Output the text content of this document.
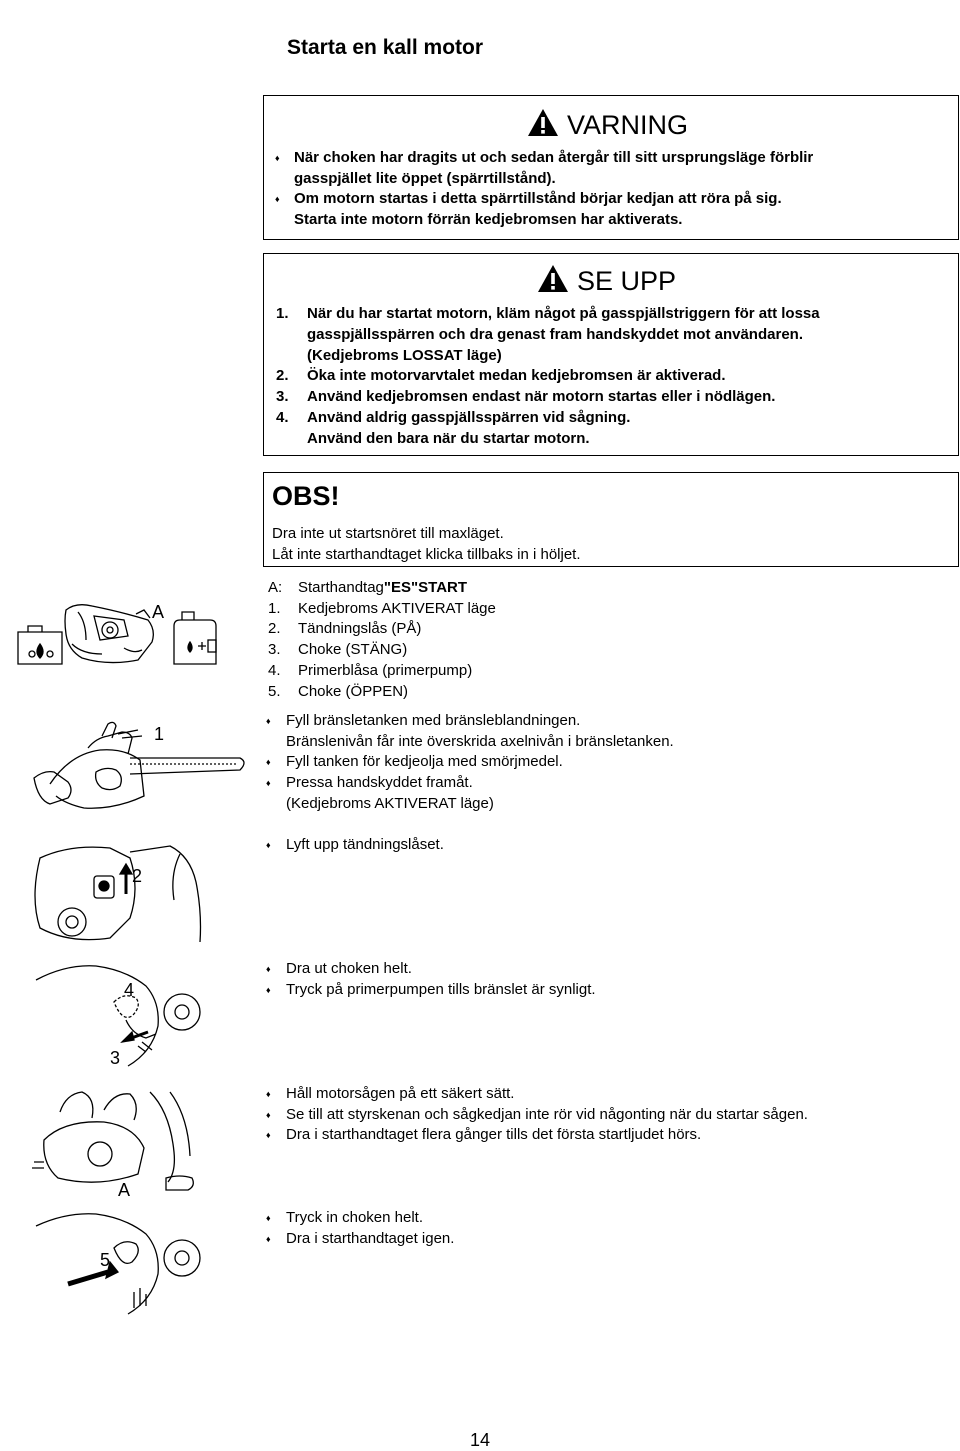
Starta en kall motor
VARNING
♦ När choken har dragits ut och sedan återgår till sitt ursprungsläge förblir
gasspjället lite öppet (spärrtillstånd).
♦ Om motorn startas i detta spärrtillstånd börjar kedjan att röra på sig.
Starta inte motorn förrän kedjebromsen har aktiverats.
SE UPP
1.	När du har startat motorn, kläm något på gasspjällstriggern för att lossa
gasspjällsspärren och dra genast fram handskyddet mot användaren.
(Kedjebroms LOSSAT läge)
2.	Öka inte motorvarvtalet medan kedjebromsen är aktiverad.
3.	Använd kedjebromsen endast när motorn startas eller i nödlägen.
4.	Använd aldrig gasspjällsspärren vid sågning.
Använd den bara när du startar motorn.
OBS!
Dra inte ut startsnöret till maxläget.
Låt inte starthandtaget klicka tillbaks in i höljet.
A:	Starthandtag "ES"START
1.	Kedjebroms AKTIVERAT läge
2.	Tändningslås (PÅ)
3.	Choke (STÄNG)
4.	Primerblåsa (primerpump)
5.	Choke (ÖPPEN)
♦ Fyll bränsletanken med bränsleblandningen.
Bränslenivån får inte överskrida axelnivån i bränsletanken.
♦ Fyll tanken för kedjeolja med smörjmedel.
♦ Pressa handskyddet framåt.
(Kedjebroms AKTIVERAT läge)
♦ Lyft upp tändningslåset.
♦ Dra ut choken helt.
♦ Tryck på primerpumpen tills bränslet är synligt.
♦ Håll motorsågen på ett säkert sätt.
♦ Se till att styrskenan och sågkedjan inte rör vid någonting när du startar sågen.
♦ Dra i starthandtaget flera gånger tills det första startljudet hörs.
♦ Tryck in choken helt.
♦ Dra i starthandtaget igen.
A
1
2
4
3
A
5
14
